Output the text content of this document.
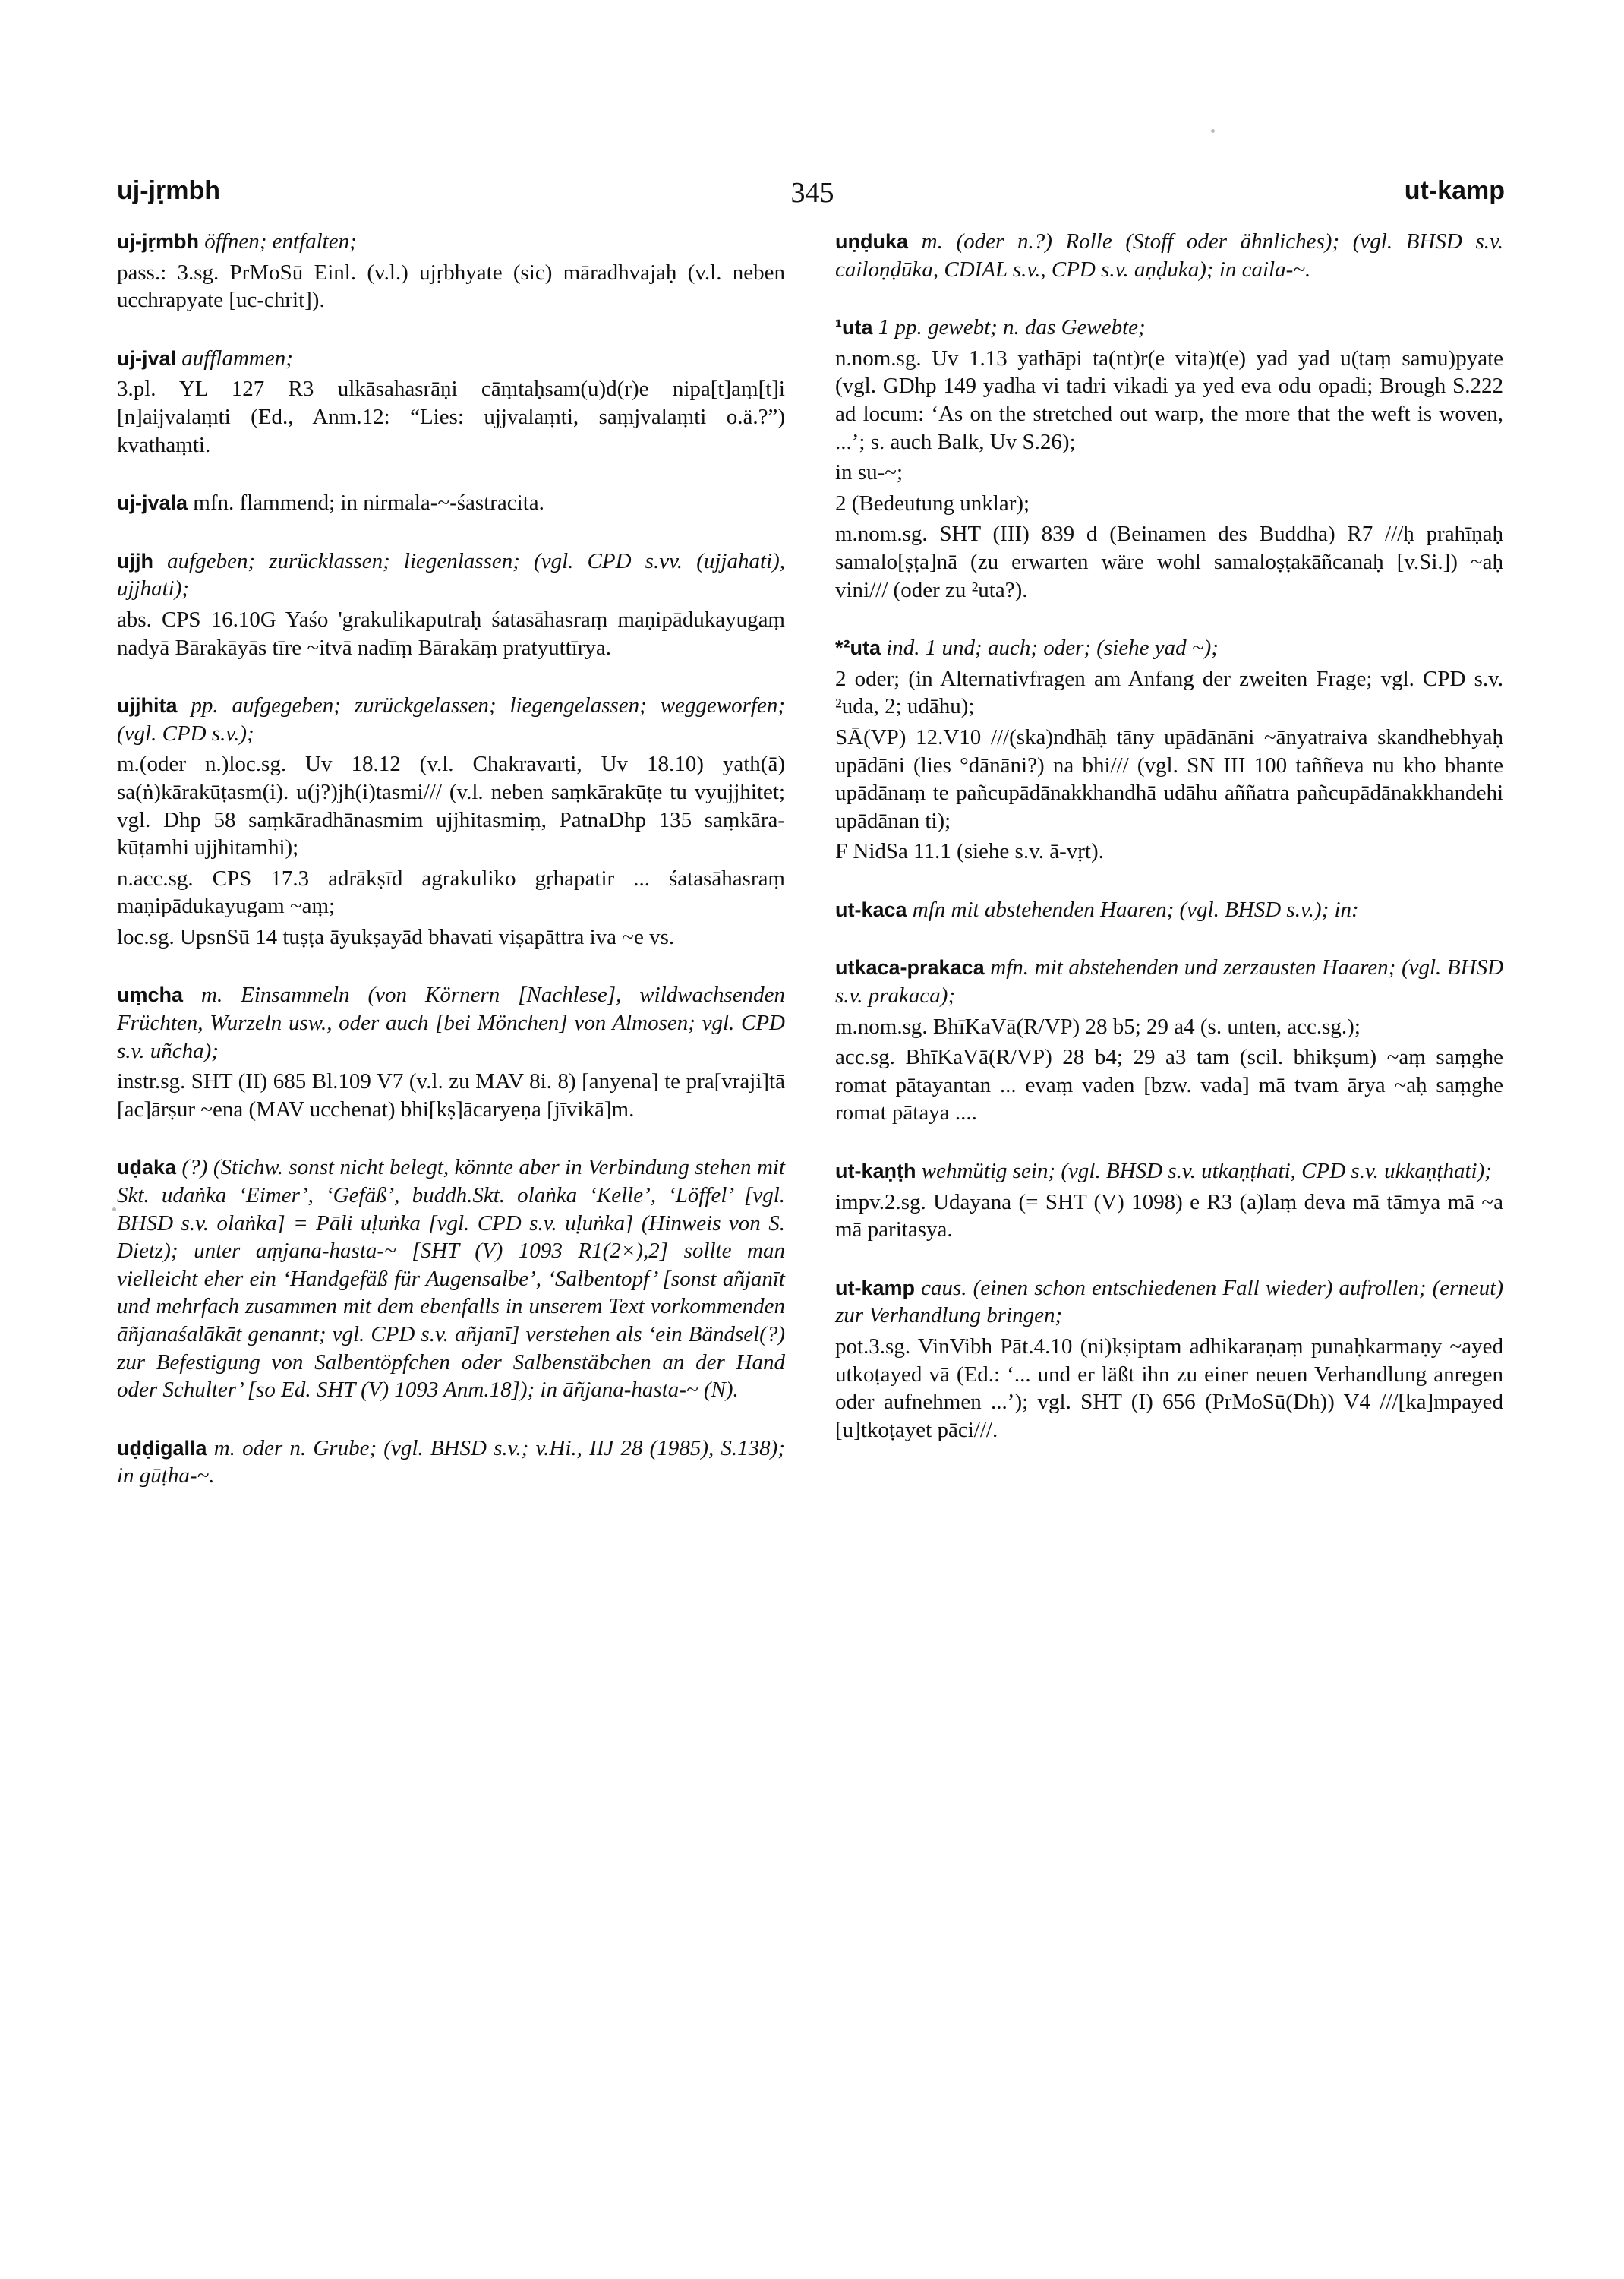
uj-jṛmbh	345	ut-kamp

uj-jṛmbh öffnen; entfalten;

pass.: 3.sg. PrMoSū Einl. (v.l.) ujṛbhyate (sic) māradhvajaḥ (v.l. neben ucchrapyate [uc-chrit]).

uj-jval aufflammen;

3.pl. YL 127 R3 ulkāsahasrāṇi cāṃtaḥsam(u)d(r)e nipa[t]aṃ[t]i [n]aijvalaṃti (Ed., Anm.12: “Lies: ujjvalaṃti, saṃjvalaṃti o.ä.?”) kvathaṃti.

uj-jvala mfn. flammend; in nirmala-~-śastracita.

ujjh aufgeben; zurücklassen; liegenlassen; (vgl. CPD s.vv. (ujjahati), ujjhati);

abs. CPS 16.10G Yaśo 'grakulikaputraḥ śatasāhasraṃ maṇipādukayugaṃ nadyā Bārakāyās tīre ~itvā nadīṃ Bārakāṃ pratyuttīrya.

ujjhita pp. aufgegeben; zurückgelassen; liegengelassen; weggeworfen; (vgl. CPD s.v.);

m.(oder n.)loc.sg. Uv 18.12 (v.l. Chakravarti, Uv 18.10) yath(ā) sa(ṅ)kārakūṭasm(i). u(j?)jh(i)tasmi/// (v.l. neben saṃkārakūṭe tu vyujjhitet; vgl. Dhp 58 saṃkāradhānasmim ujjhitasmiṃ, PatnaDhp 135 saṃkāra-kūṭamhi ujjhitamhi);

n.acc.sg. CPS 17.3 adrākṣīd agrakuliko gṛhapatir ... śatasāhasraṃ maṇipādukayugam ~aṃ;

loc.sg. UpsnSū 14 tuṣṭa āyukṣayād bhavati viṣapāttra iva ~e vs.

uṃcha m. Einsammeln (von Körnern [Nachlese], wildwachsenden Früchten, Wurzeln usw., oder auch [bei Mönchen] von Almosen; vgl. CPD s.v. uñcha);

instr.sg. SHT (II) 685 Bl.109 V7 (v.l. zu MAV 8i. 8) [anyena] te pra[vraji]tā [ac]ārṣur ~ena (MAV ucchenat) bhi[kṣ]ācaryeṇa [jīvikā]m.

uḍaka (?) (Stichw. sonst nicht belegt, könnte aber in Verbindung stehen mit Skt. udaṅka ‘Eimer’, ‘Gefäß’, buddh.Skt. olaṅka ‘Kelle’, ‘Löffel’ [vgl. BHSD s.v. olaṅka] = Pāli uḷuṅka [vgl. CPD s.v. uḷuṅka] (Hinweis von S. Dietz); unter aṃjana-hasta-~ [SHT (V) 1093 R1(2×),2] sollte man vielleicht eher ein ‘Handgefäß für Augensalbe’, ‘Salbentopf’ [sonst añjanīt und mehrfach zusammen mit dem ebenfalls in unserem Text vorkommenden āñjanaśalākāt genannt; vgl. CPD s.v. añjanī] verstehen als ‘ein Bändsel(?) zur Befestigung von Salbentöpfchen oder Salbenstäbchen an der Hand oder Schulter’ [so Ed. SHT (V) 1093 Anm.18]); in āñjana-hasta-~ (N).

uḍḍigalla m. oder n. Grube; (vgl. BHSD s.v.; v.Hi., IIJ 28 (1985), S.138); in gūṭha-~.

uṇḍuka m. (oder n.?) Rolle (Stoff oder ähnliches); (vgl. BHSD s.v. cailoṇḍūka, CDIAL s.v., CPD s.v. aṇḍuka); in caila-~.

¹uta 1 pp. gewebt; n. das Gewebte;

n.nom.sg. Uv 1.13 yathāpi ta(nt)r(e vita)t(e) yad yad u(taṃ samu)pyate (vgl. GDhp 149 yadha vi tadri vikadi ya yed eva odu opadi; Brough S.222 ad locum: ‘As on the stretched out warp, the more that the weft is woven, ...’; s. auch Balk, Uv S.26);

in su-~;

2 (Bedeutung unklar);

m.nom.sg. SHT (III) 839 d (Beinamen des Buddha) R7 ///ḥ prahīṇaḥ samalo[ṣṭa]nā (zu erwarten wäre wohl samaloṣṭakāñcanaḥ [v.Si.]) ~aḥ vini/// (oder zu ²uta?).

*²uta ind. 1 und; auch; oder; (siehe yad ~);

2 oder; (in Alternativfragen am Anfang der zweiten Frage; vgl. CPD s.v. ²uda, 2; udāhu);

SĀ(VP) 12.V10 ///(ska)ndhāḥ tāny upādānāni ~ānyatraiva skandhebhyaḥ upādāni (lies °dānāni?) na bhi/// (vgl. SN III 100 taññeva nu kho bhante upādānaṃ te pañcupādānakkhandhā udāhu aññatra pañcupādānakkhandehi upādānan ti);

F NidSa 11.1 (siehe s.v. ā-vṛt).

ut-kaca mfn mit abstehenden Haaren; (vgl. BHSD s.v.); in:

utkaca-prakaca mfn. mit abstehenden und zerzausten Haaren; (vgl. BHSD s.v. prakaca);

m.nom.sg. BhīKaVā(R/VP) 28 b5; 29 a4 (s. unten, acc.sg.);

acc.sg. BhīKaVā(R/VP) 28 b4; 29 a3 tam (scil. bhikṣum) ~aṃ saṃghe romat pātayantan ... evaṃ vaden [bzw. vada] mā tvam ārya ~aḥ saṃghe romat pātaya ....

ut-kaṇṭh wehmütig sein; (vgl. BHSD s.v. utkaṇṭhati, CPD s.v. ukkaṇṭhati);

impv.2.sg. Udayana (= SHT (V) 1098) e R3 (a)laṃ deva mā tāmya mā ~a mā paritasya.

ut-kamp caus. (einen schon entschiedenen Fall wieder) aufrollen; (erneut) zur Verhandlung bringen;

pot.3.sg. VinVibh Pāt.4.10 (ni)kṣiptam adhikaraṇaṃ punaḥkarmaṇy ~ayed utkoṭayed vā (Ed.: ‘... und er läßt ihn zu einer neuen Verhandlung anregen oder aufnehmen ...’); vgl. SHT (I) 656 (PrMoSū(Dh)) V4 ///[ka]mpayed [u]tkoṭayet pāci///.
